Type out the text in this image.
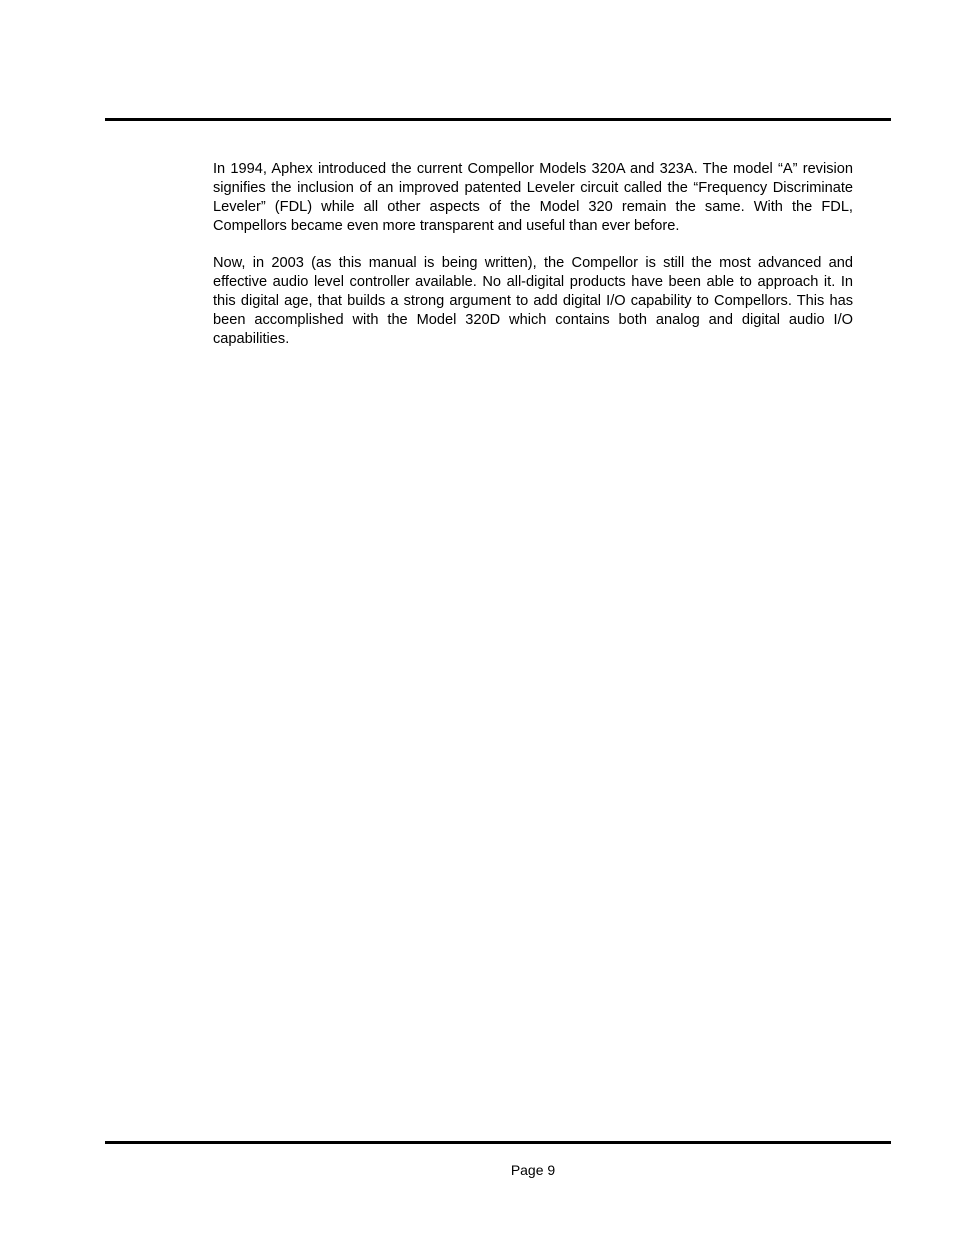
In 1994, Aphex introduced the current Compellor Models 320A and 323A. The model “A” revision signifies the inclusion of an improved patented Leveler circuit called the “Frequency Discriminate Leveler” (FDL) while all other aspects of the Model 320 remain the same. With the FDL, Compellors became even more transparent and useful than ever before.

Now, in 2003 (as this manual is being written), the Compellor is still the most advanced and effective audio level controller available. No all-digital products have been able to approach it. In this digital age, that builds a strong argument to add digital I/O capability to Compellors. This has been accomplished with the Model 320D which contains both analog and digital audio I/O capabilities.

Page 9
